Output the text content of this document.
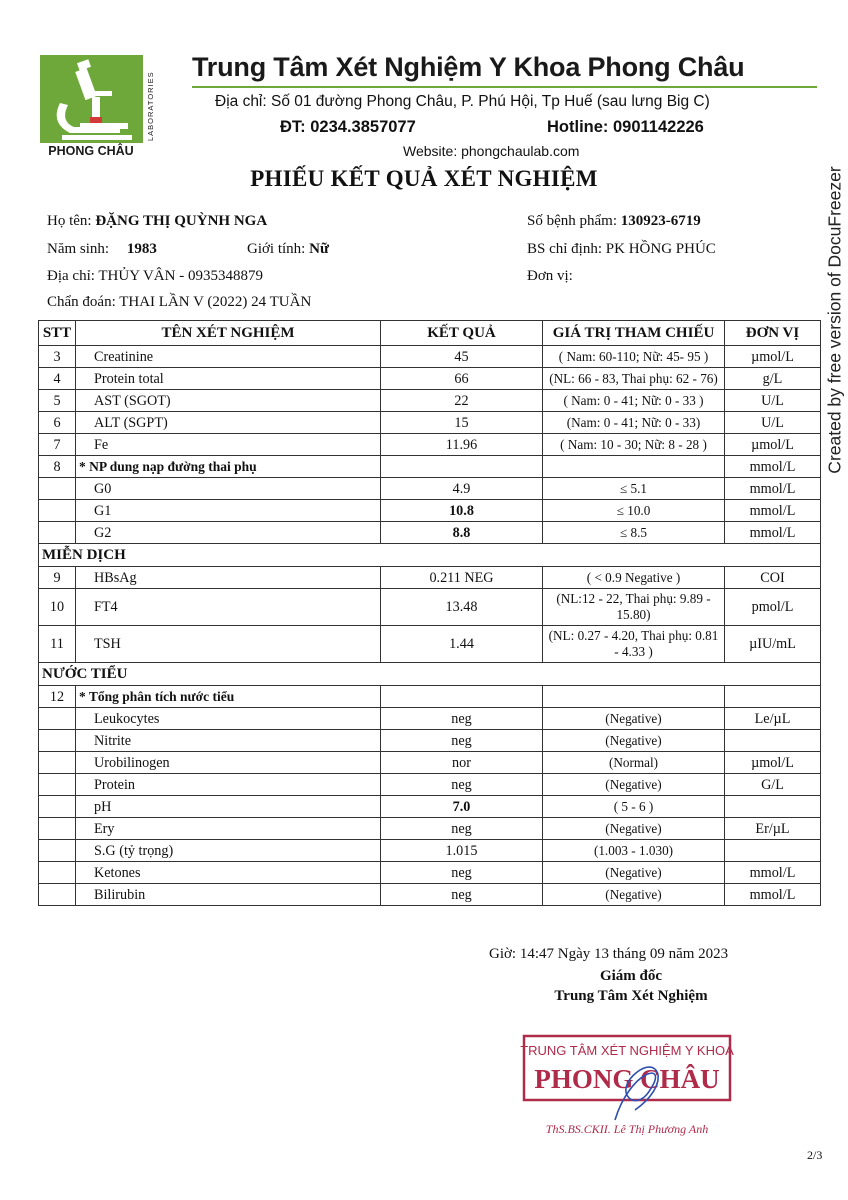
PHONG CHÂU
LABORATORIES
Trung Tâm Xét Nghiệm Y Khoa Phong Châu
Địa chỉ: Số 01 đường Phong Châu, P. Phú Hội, Tp Huế (sau lưng Big C)
ĐT: 0234.3857077	Hotline: 0901142226
Website: phongchaulab.com
PHIẾU KẾT QUẢ XÉT NGHIỆM	Created by free version of DocuFreezer
Họ tên: ĐẶNG THỊ QUỲNH NGA
Năm sinh: 1983	Giới tính: Nữ
Địa chỉ: THỦY VÂN - 0935348879
Chẩn đoán: THAI LẦN V (2022) 24 TUẦN
Số bệnh phẩm: 130923-6719
BS chỉ định: PK HỒNG PHÚC
Đơn vị:
STT	TÊN XÉT NGHIỆM	KẾT QUẢ	GIÁ TRỊ THAM CHIẾU	ĐƠN VỊ
3	Creatinine	45	( Nam: 60-110; Nữ: 45- 95 )	µmol/L
4	Protein total	66	(NL: 66 - 83, Thai phụ: 62 - 76)	g/L
5	AST (SGOT)	22	( Nam: 0 - 41; Nữ: 0 - 33 )	U/L
6	ALT (SGPT)	15	(Nam: 0 - 41; Nữ: 0 - 33)	U/L
7	Fe	11.96	( Nam: 10 - 30; Nữ: 8 - 28 )	µmol/L
8	* NP dung nạp đường thai phụ			mmol/L
	G0	4.9	≤ 5.1	mmol/L
	G1	10.8	≤ 10.0	mmol/L
	G2	8.8	≤ 8.5	mmol/L
MIỄN DỊCH				
9	HBsAg	0.211 NEG	( < 0.9 Negative )	COI
10	FT4	13.48	(NL:12 - 22, Thai phụ: 9.89 - 15.80)	pmol/L
11	TSH	1.44	(NL: 0.27 - 4.20, Thai phụ: 0.81 - 4.33 )	µIU/mL
NƯỚC TIỂU				
12	* Tổng phân tích nước tiểu			
	Leukocytes	neg	(Negative)	Le/µL
	Nitrite	neg	(Negative)	
	Urobilinogen	nor	(Normal)	µmol/L
	Protein	neg	(Negative)	G/L
	pH	7.0	( 5 - 6 )	
	Ery	neg	(Negative)	Er/µL
	S.G (tỷ trọng)	1.015	(1.003 - 1.030)	
	Ketones	neg	(Negative)	mmol/L
	Bilirubin	neg	(Negative)	mmol/L
Giờ: 14:47 Ngày 13 tháng 09 năm 2023
Giám đốc
Trung Tâm Xét Nghiệm
TRUNG TÂM XÉT NGHIỆM Y KHOA
PHONG CHÂU
ThS.BS.CKII. Lê Thị Phương Anh
2/3
